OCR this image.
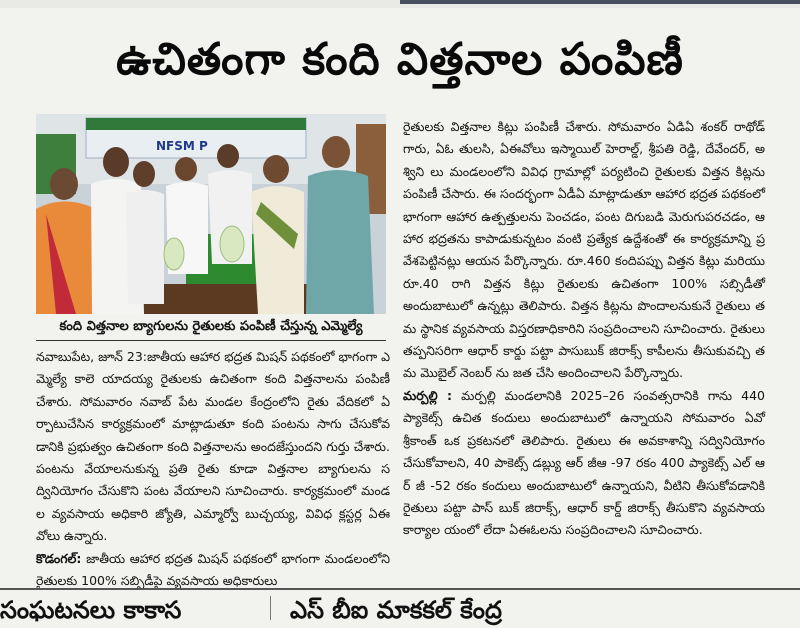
ఉచితంగా కంది విత్తనాల పంపిణీ
NFSM P
కంది విత్తనాల బ్యాగులను రైతులకు పంపిణీ చేస్తున్న ఎమ్మెల్యే

నవాబుపేట, జూన్ 23:జాతీయ ఆహార భద్రత మిషన్ పథకంలో భాగంగా ఎమ్మెల్యే కాలె యాదయ్య రైతులకు ఉచితంగా కంది విత్తనాలను పంపిణీ చేశారు. సోమవారం నవాబ్ పేట మండల కేంద్రంలోని రైతు వేదికలో ఏర్పాటుచేసిన కార్యక్రమంలో మాట్లాడుతూ కంది పంటను సాగు చేసుకోవడానికి ప్రభుత్వం ఉచితంగా కంది విత్తనాలను అందజేస్తుందని గుర్తు చేశారు. పంటను వేయాలనుకున్న ప్రతి రైతు కూడా విత్తనాల బ్యాగులను సద్వినియోగం చేసుకొని పంట వేయాలని సూచించారు. కార్యక్రమంలో మండల వ్యవసాయ అధికారి జ్యోతి, ఎమ్మార్వో బుచ్చయ్య, వివిధ క్లస్టర్ల ఏఈవోలు ఉన్నారు.

కొడంగల్: జాతీయ ఆహార భద్రత మిషన్ పథకంలో భాగంగా మండలంలోని రైతులకు 100% సబ్సిడీపై వ్యవసాయ అధికారులు

రైతులకు విత్తనాల కిట్లు పంపిణీ చేశారు. సోమవారం ఏడిఏ శంకర్ రాథోడ్ గారు, ఏఓ తులసి, ఏఈవోలు ఇస్మాయిల్ హెరాల్డ్, శ్రీపతి రెడ్డి, దేవేందర్, అశ్విని లు మండలంలోని వివిధ గ్రామాల్లో పర్యటించి రైతులకు విత్తన కిట్లను పంపిణీ చేసారు. ఈ సందర్భంగా ఏడీఏ మాట్లాడుతూ ఆహార భద్రత పథకంలో భాగంగా ఆహార ఉత్పత్తులను పెంచడం, పంట దిగుబడి మెరుగుపరచడం, ఆహార భద్రతను కాపాడుకున్నటం వంటి ప్రత్యేక ఉద్దేశంతో ఈ కార్యక్రమాన్ని ప్రవేశపెట్టినట్లు ఆయన పేర్కొన్నారు. రూ.460 కందిపప్పు విత్తన కిట్లు మరియు రూ.40 రాగి విత్తన కిట్లు రైతులకు ఉచితంగా 100% సబ్సిడీతో అందుబాటులో ఉన్నట్లు తెలిపారు. విత్తన కిట్లను పొందాలనుకునే రైతులు తమ స్థానిక వ్యవసాయ విస్తరణాధికారిని సంప్రదించాలని సూచించారు. రైతులు తప్పనిసరిగా ఆధార్ కార్డు పట్టా పాసుబుక్ జిరాక్స్ కాపీలను తీసుకువచ్చి తమ మొబైల్ నెంబర్ ను జత చేసి అందించాలని పేర్కొన్నారు.

మర్పల్లి : మర్పల్లి మండలానికి 2025–26 సంవత్సరానికి గాను 440 ప్యాకెట్స్ ఉచిత కందులు అందుబాటులో ఉన్నాయని సోమవారం ఏవో శ్రీకాంత్ ఒక ప్రకటనలో తెలిపారు. రైతులు ఈ అవకాశాన్ని సద్వినియోగం చేసుకోవాలని, 40 పాకెట్స్ డబ్ల్యు ఆర్ జీఆ -97 రకం 400 ప్యాకెట్స్ ఎల్ ఆర్ జీ -52 రకం కందులు అందుబాటులో ఉన్నాయని, వీటిని తీసుకోవడానికి రైతులు పట్టా పాస్ బుక్ జిరాక్స్, ఆధార్ కార్డ్ జిరాక్స్ తీసుకొని వ్యవసాయ కార్యాల యంలో లేదా ఏఈఓలను సంప్రదించాలని సూచించారు.

సంఘటనలు కాకాస	ఎస్ బీఐ మాకకల్ కేంద్ర
